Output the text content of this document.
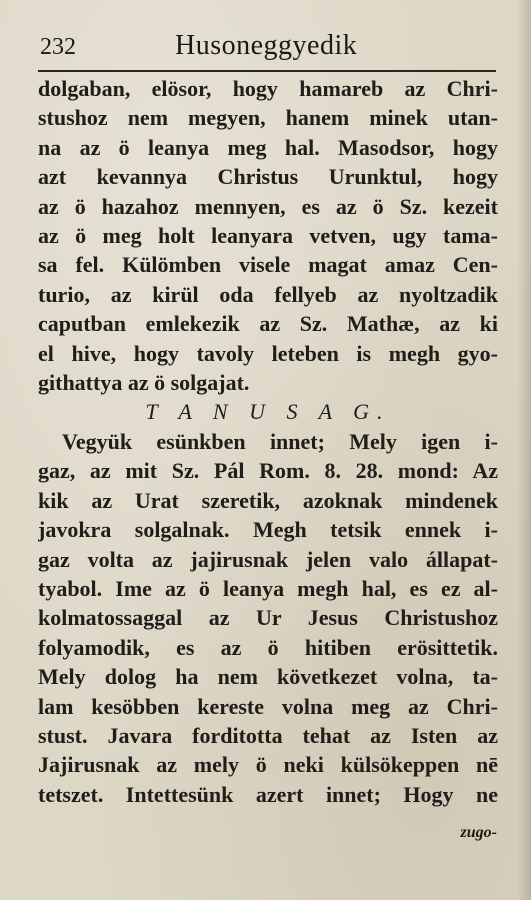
232	Husoneggyedik
dolgaban, elösor, hogy hamareb az Chri-
stushoz nem megyen, hanem minek utan-
na az ö leanya meg hal. Masodsor, hogy
azt kevannya Christus Urunktul, hogy
az ö hazahoz mennyen, es az ö Sz. kezeit
az ö meg holt leanyara vetven, ugy tama-
sa fel. Külömben visele magat amaz Cen-
turio, az kirül oda fellyeb az nyoltzadik
caputban emlekezik az Sz. Mathæ, az ki
el hive, hogy tavoly leteben is megh gyo-
githattya az ö solgajat.
T A N U S A G.
Vegyük esünkben innet; Mely igen i-
gaz, az mit Sz. Pál Rom. 8. 28. mond: Az
kik az Urat szeretik, azoknak mindenek
javokra solgalnak. Megh tetsik ennek i-
gaz volta az jajirusnak jelen valo állapat-
tyabol. Ime az ö leanya megh hal, es ez al-
kolmatossaggal az Ur Jesus Christushoz
folyamodik, es az ö hitiben erösittetik.
Mely dolog ha nem következet volna, ta-
lam kesöbben kereste volna meg az Chri-
stust. Javara forditotta tehat az Isten az
Jajirusnak az mely ö neki külsökeppen nē
tetszet. Intettesünk azert innet; Hogy ne
zugo-
